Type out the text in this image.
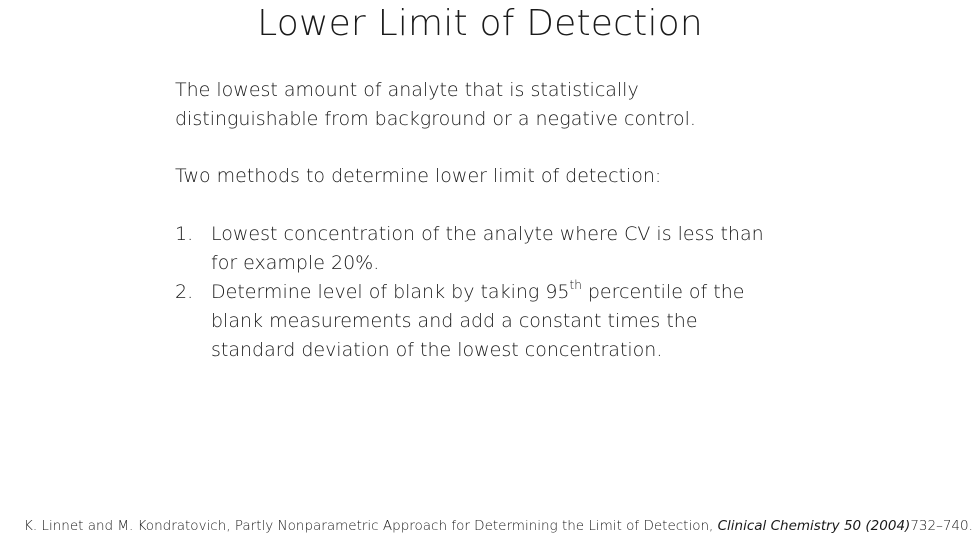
Lower Limit of Detection
The lowest amount of analyte that is statistically
distinguishable from background or a negative control.
Two methods to determine lower limit of detection:
1. Lowest concentration of the analyte where CV is less than
for example 20%.
2. Determine level of blank by taking 95th percentile of the
blank measurements and add a constant times the
standard deviation of the lowest concentration.
K. Linnet and M. Kondratovich, Partly Nonparametric Approach for Determining the Limit of Detection, Clinical Chemistry 50 (2004)732–740.
